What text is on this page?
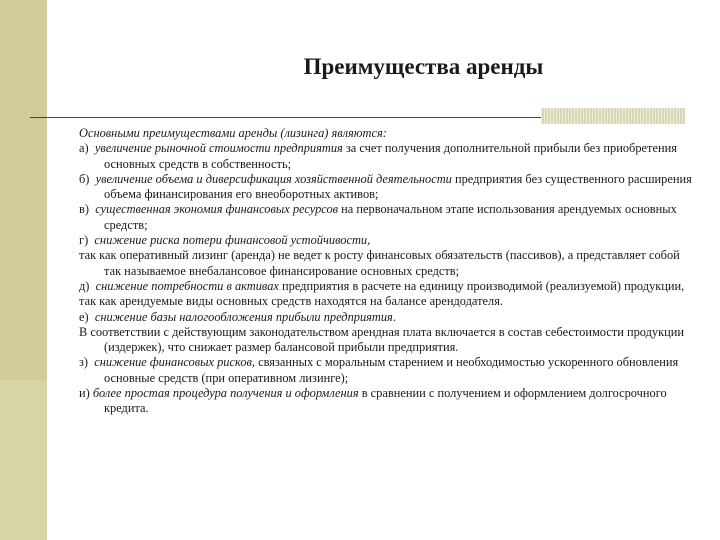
Преимущества аренды

Основными преимуществами аренды (лизинга) являются:

а) увеличение рыночной стоимости предприятия за счет получения дополнительной прибыли без приобретения основных средств в собственность;

б) увеличение объема и диверсификация хозяйственной деятельности предприятия без существенного расширения объема финансирования его внеоборотных активов;

в) существенная экономия финансовых ресурсов на первоначальном этапе использования арендуемых основных средств;

г) снижение риска потери финансовой устойчивости,

так как оперативный лизинг (аренда) не ведет к росту финансовых обязательств (пассивов), а представляет собой так называемое внебалансовое финансирование основных средств;

д) снижение потребности в активах предприятия в расчете на единицу производимой (реализуемой) продукции,

так как арендуемые виды основных средств находятся на балансе арендодателя.

е) снижение базы налогообложения прибыли предприятия.

В соответствии с действующим законодательством арендная плата включается в состав себестоимости продукции (издержек), что снижает размер балансовой прибыли предприятия.

з) снижение финансовых рисков, связанных с моральным старением и необходимостью ускоренного обновления основные средств (при оперативном лизинге);

и) более простая процедура получения и оформления в сравнении с получением и оформлением долгосрочного кредита.
